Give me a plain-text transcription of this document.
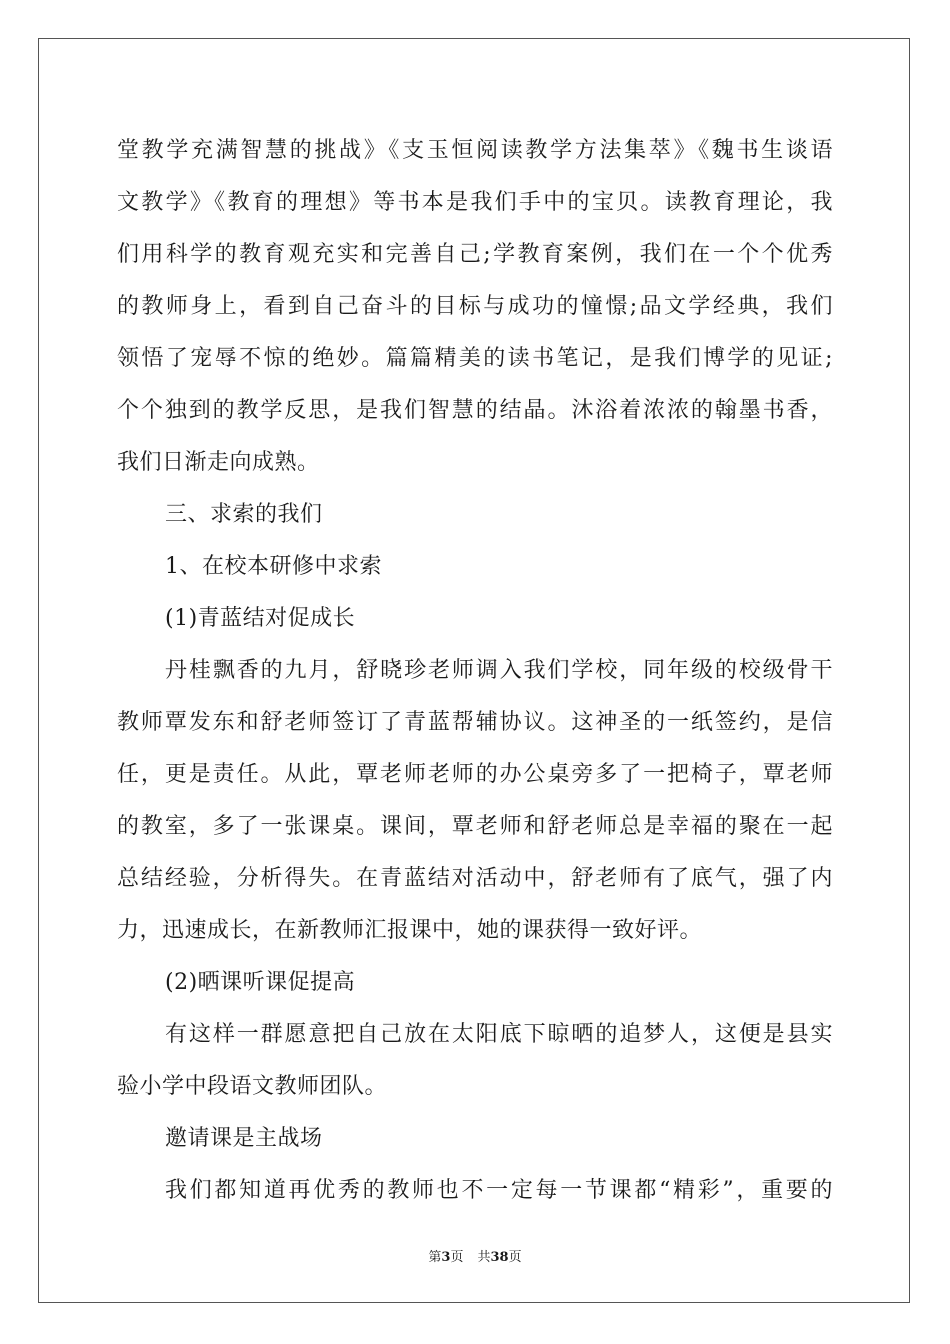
堂教学充满智慧的挑战》《支玉恒阅读教学方法集萃》《魏书生谈语
文教学》《教育的理想》等书本是我们手中的宝贝。读教育理论，我
们用科学的教育观充实和完善自己;学教育案例，我们在一个个优秀
的教师身上，看到自己奋斗的目标与成功的憧憬;品文学经典，我们
领悟了宠辱不惊的绝妙。篇篇精美的读书笔记，是我们博学的见证;
个个独到的教学反思，是我们智慧的结晶。沐浴着浓浓的翰墨书香，
我们日渐走向成熟。
三、求索的我们
1、在校本研修中求索
(1)青蓝结对促成长
丹桂飘香的九月，舒晓珍老师调入我们学校，同年级的校级骨干
教师覃发东和舒老师签订了青蓝帮辅协议。这神圣的一纸签约，是信
任，更是责任。从此，覃老师老师的办公桌旁多了一把椅子，覃老师
的教室，多了一张课桌。课间，覃老师和舒老师总是幸福的聚在一起
总结经验，分析得失。在青蓝结对活动中，舒老师有了底气，强了内
力，迅速成长，在新教师汇报课中，她的课获得一致好评。
(2)晒课听课促提高
有这样一群愿意把自己放在太阳底下晾晒的追梦人，这便是县实
验小学中段语文教师团队。
邀请课是主战场
我们都知道再优秀的教师也不一定每一节课都“精彩”，重要的
第3页 共38页
